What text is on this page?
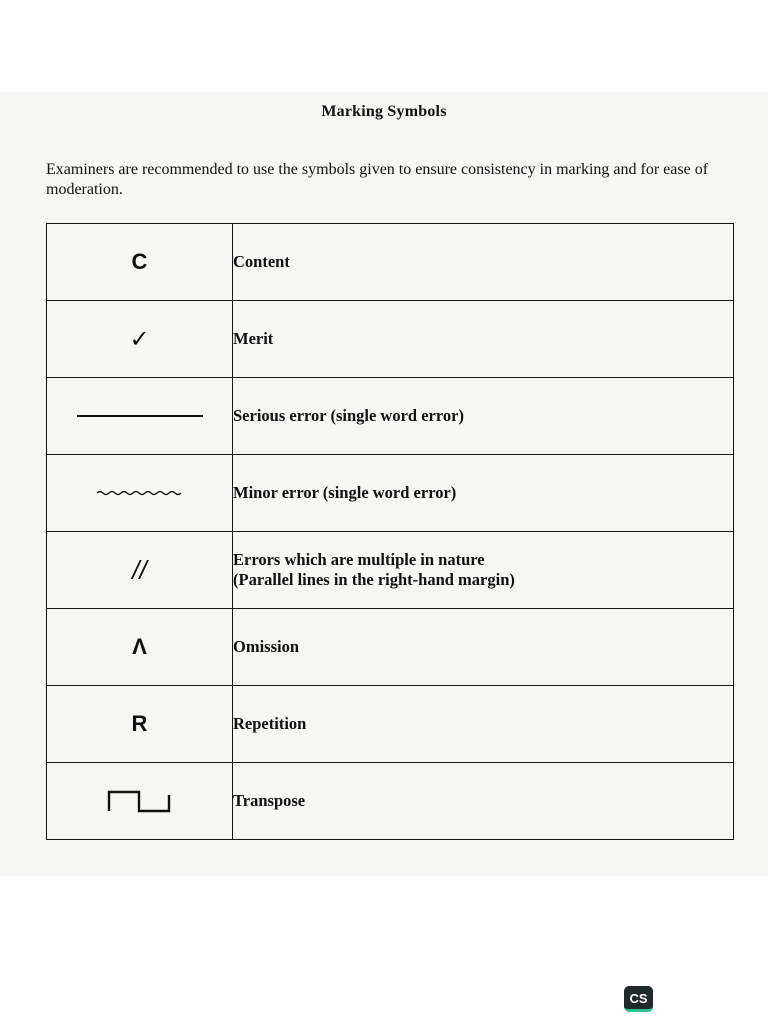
Marking Symbols
Examiners are recommended to use the symbols given to ensure consistency in marking and for ease of moderation.
C	Content
✓	Merit
	Serious error (single word error)
	Minor error (single word error)
//	Errors which are multiple in nature
(Parallel lines in the right-hand margin)

Λ	Omission
R	Repetition
	Transpose
CS
